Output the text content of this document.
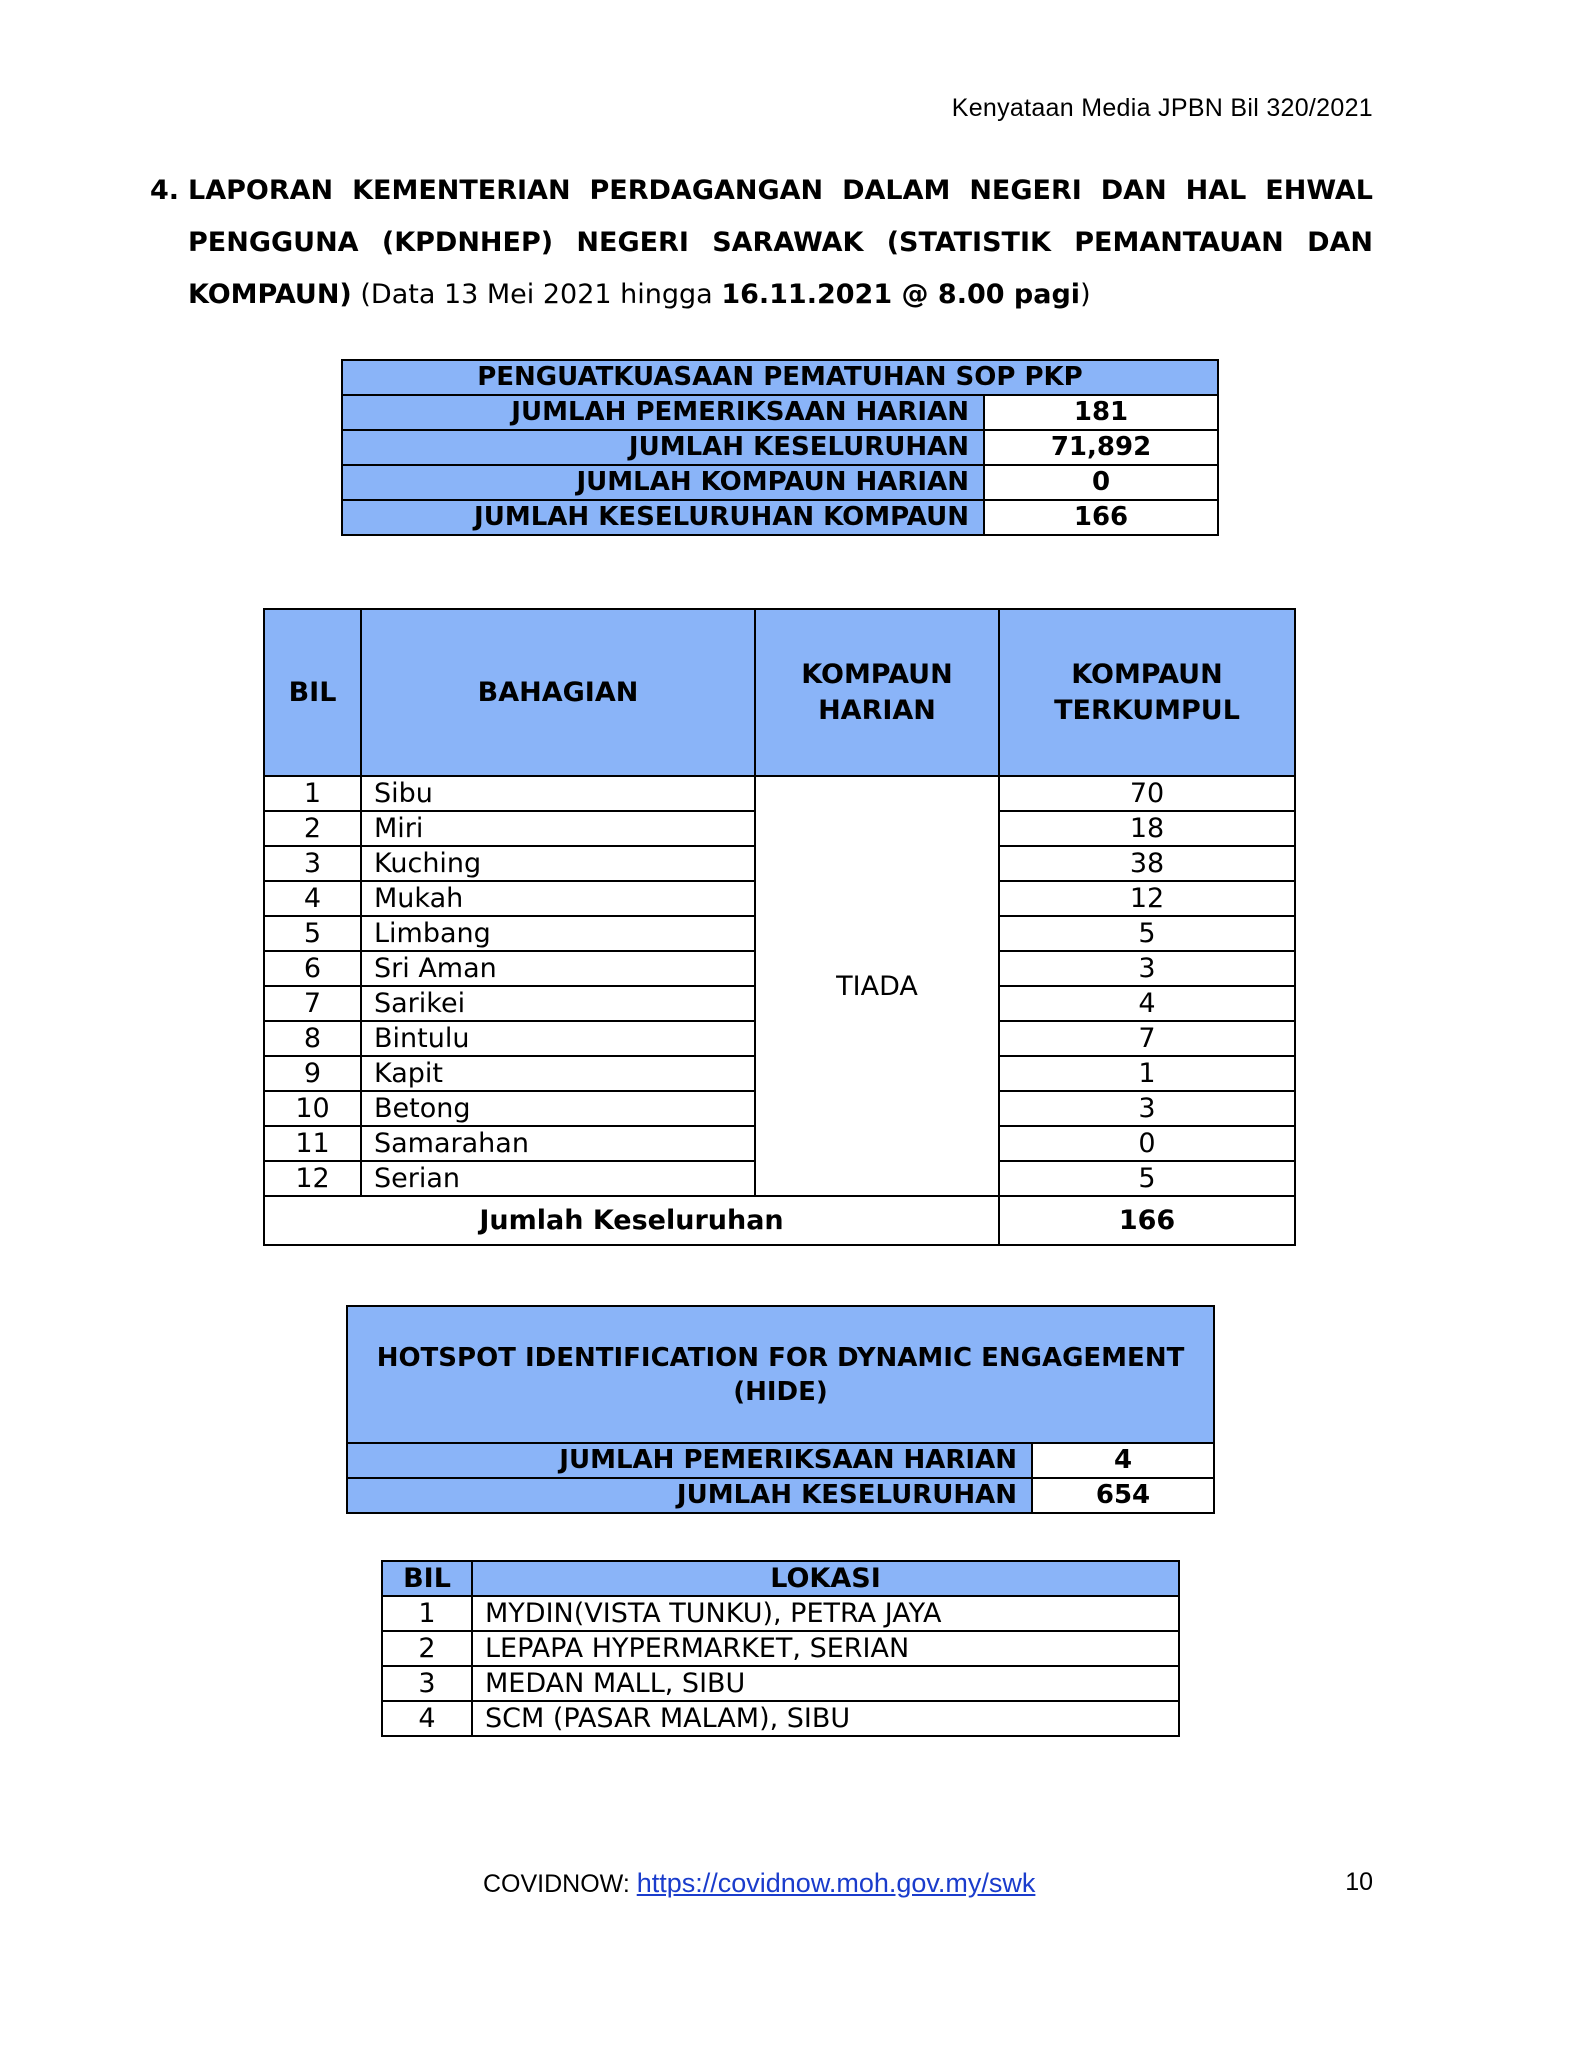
Kenyataan Media JPBN Bil 320/2021
4. LAPORAN KEMENTERIAN PERDAGANGAN DALAM NEGERI DAN HAL EHWAL PENGGUNA (KPDNHEP) NEGERI SARAWAK (STATISTIK PEMANTAUAN DAN KOMPAUN) (Data 13 Mei 2021 hingga 16.11.2021 @ 8.00 pagi)
PENGUATKUASAAN PEMATUHAN SOP PKP	
JUMLAH PEMERIKSAAN HARIAN	181
JUMLAH KESELURUHAN	71,892
JUMLAH KOMPAUN HARIAN	0
JUMLAH KESELURUHAN KOMPAUN	166
BIL	BAHAGIAN	KOMPAUN HARIAN	KOMPAUN TERKUMPUL
1	Sibu	TIADA	70
2	Miri		18
3	Kuching		38
4	Mukah		12
5	Limbang		5
6	Sri Aman		3
7	Sarikei		4
8	Bintulu		7
9	Kapit		1
10	Betong		3
11	Samarahan		0
12	Serian		5
Jumlah Keseluruhan			166
HOTSPOT IDENTIFICATION FOR DYNAMIC ENGAGEMENT (HIDE)	
JUMLAH PEMERIKSAAN HARIAN	4
JUMLAH KESELURUHAN	654
BIL	LOKASI
1	MYDIN(VISTA TUNKU), PETRA JAYA
2	LEPAPA HYPERMARKET, SERIAN
3	MEDAN MALL, SIBU
4	SCM (PASAR MALAM), SIBU
COVIDNOW: https://covidnow.moh.gov.my/swk	10
